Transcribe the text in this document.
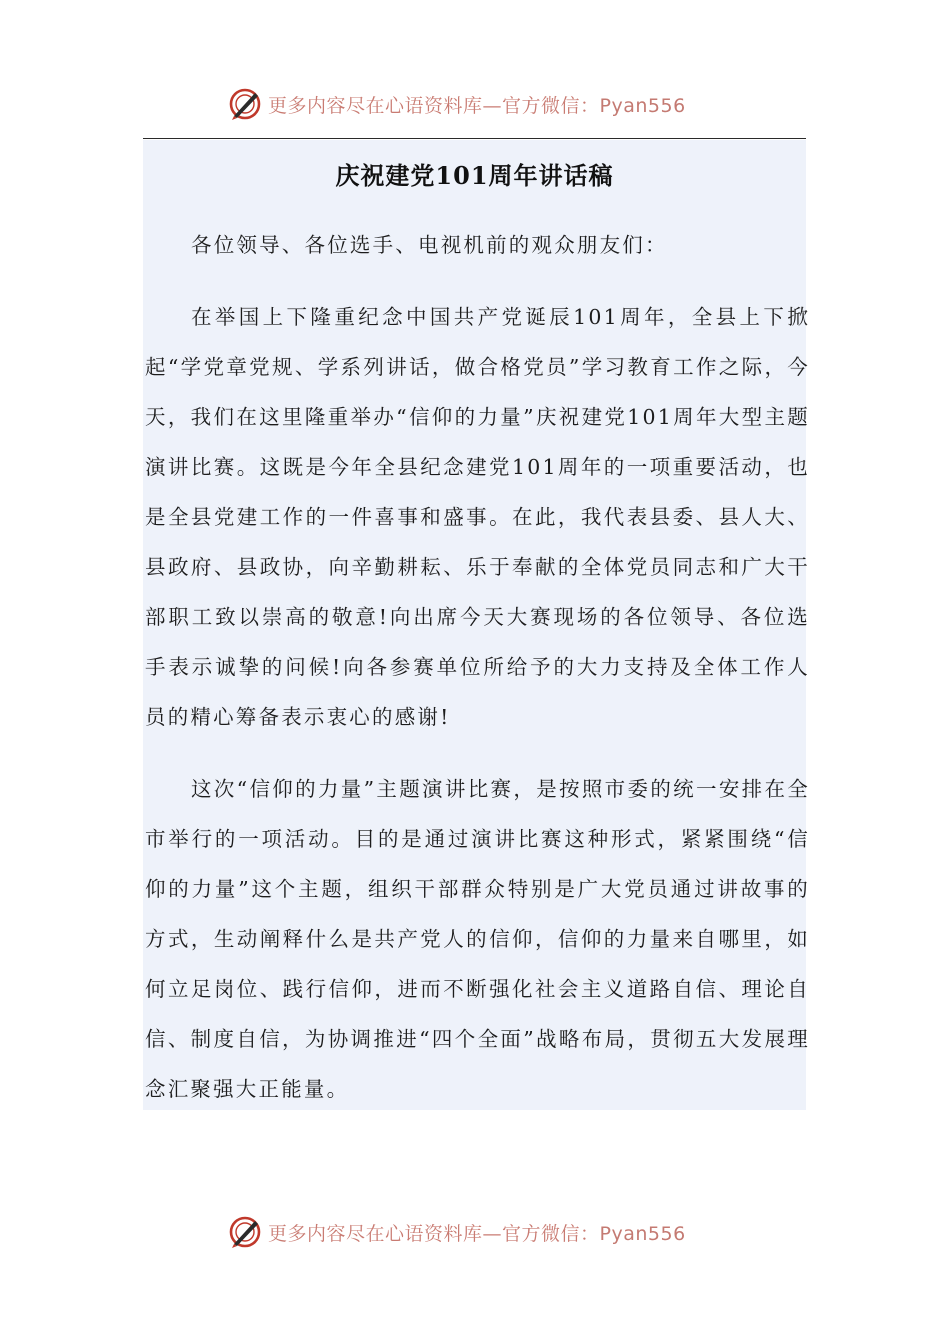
更多内容尽在心语资料库—官方微信：Pyan556
庆祝建党101周年讲话稿

各位领导、各位选手、电视机前的观众朋友们：

在举国上下隆重纪念中国共产党诞辰101周年，全县上下掀起“学党章党规、学系列讲话，做合格党员”学习教育工作之际，今天，我们在这里隆重举办“信仰的力量”庆祝建党101周年大型主题演讲比赛。这既是今年全县纪念建党101周年的一项重要活动，也是全县党建工作的一件喜事和盛事。在此，我代表县委、县人大、县政府、县政协，向辛勤耕耘、乐于奉献的全体党员同志和广大干部职工致以崇高的敬意!向出席今天大赛现场的各位领导、各位选手表示诚挚的问候!向各参赛单位所给予的大力支持及全体工作人员的精心筹备表示衷心的感谢!

这次“信仰的力量”主题演讲比赛，是按照市委的统一安排在全市举行的一项活动。目的是通过演讲比赛这种形式，紧紧围绕“信仰的力量”这个主题，组织干部群众特别是广大党员通过讲故事的方式，生动阐释什么是共产党人的信仰，信仰的力量来自哪里，如何立足岗位、践行信仰，进而不断强化社会主义道路自信、理论自信、制度自信，为协调推进“四个全面”战略布局，贯彻五大发展理念汇聚强大正能量。

更多内容尽在心语资料库—官方微信：Pyan556
